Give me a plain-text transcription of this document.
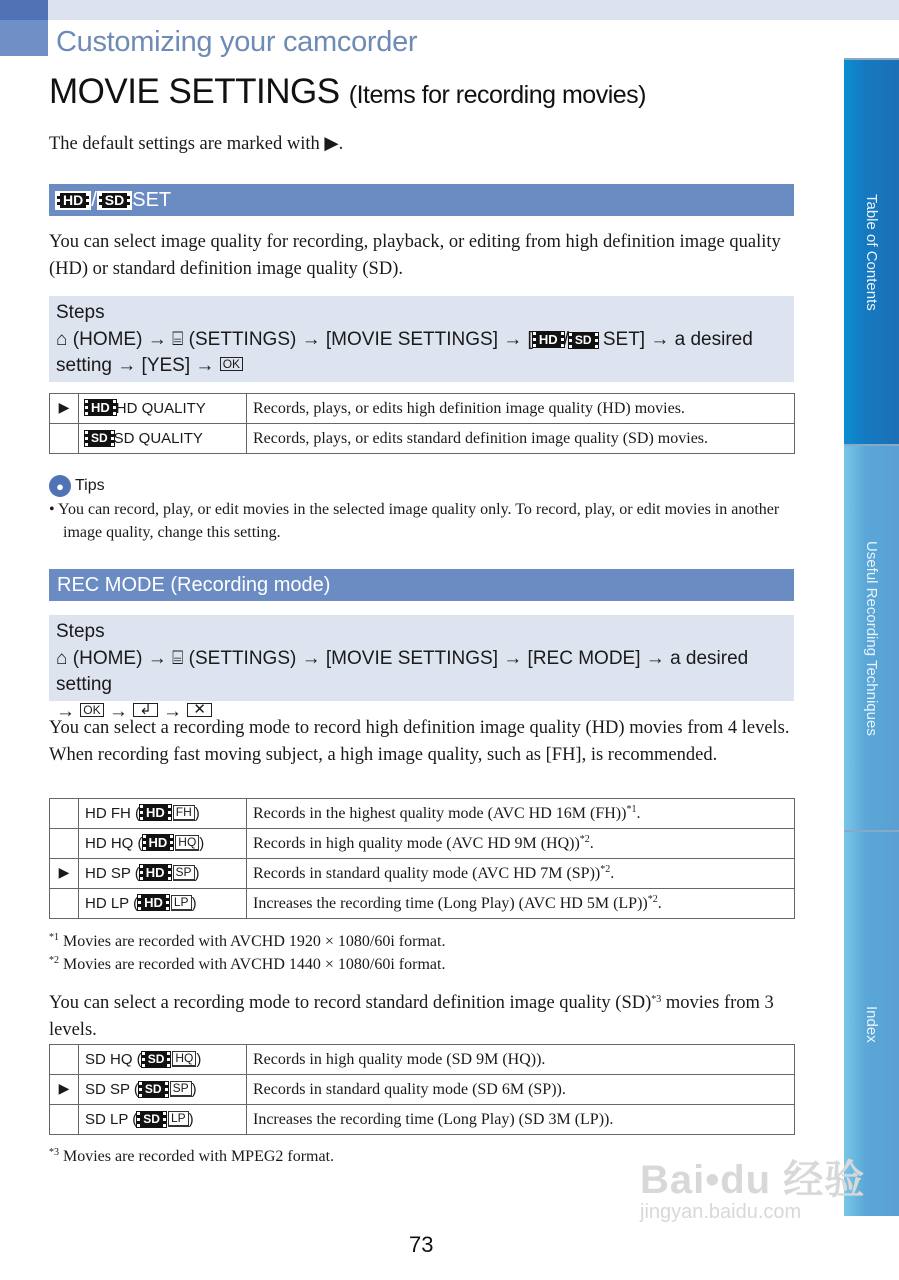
Customizing your camcorder
MOVIE SETTINGS (Items for recording movies)
The default settings are marked with ▶.
HD / SD SET
You can select image quality for recording, playback, or editing from high definition image quality (HD) or standard definition image quality (SD).
Steps
⌂ (HOME) → ⌸ (SETTINGS) → [MOVIE SETTINGS] → [ HD / SD SET] → a desired
setting → [YES] → OK
▶	HD HD QUALITY	Records, plays, or edits high definition image quality (HD) movies.
	SD SD QUALITY	Records, plays, or edits standard definition image quality (SD) movies.
● Tips
• You can record, play, or edit movies in the selected image quality only. To record, play, or edit movies in another image quality, change this setting.
REC MODE (Recording mode)
Steps
⌂ (HOME) → ⌸ (SETTINGS) → [MOVIE SETTINGS] → [REC MODE] → a desired setting
→ OK → ↲ → ✕
You can select a recording mode to record high definition image quality (HD) movies from 4 levels. When recording fast moving subject, a high image quality, such as [FH], is recommended.
	HD FH ( HD FH )	Records in the highest quality mode (AVC HD 16M (FH))$^{*1}$.
	HD HQ ( HD HQ )	Records in high quality mode (AVC HD 9M (HQ))$^{*2}$.
▶	HD SP ( HD SP )	Records in standard quality mode (AVC HD 7M (SP))$^{*2}$.
	HD LP ( HD LP )	Increases the recording time (Long Play) (AVC HD 5M (LP))$^{*2}$.
$^{*1}$ Movies are recorded with AVCHD 1920 × 1080/60i format.
$^{*2}$ Movies are recorded with AVCHD 1440 × 1080/60i format.
You can select a recording mode to record standard definition image quality (SD)$^{*3}$ movies from 3 levels.
	SD HQ ( SD HQ )	Records in high quality mode (SD 9M (HQ)).
▶	SD SP ( SD SP )	Records in standard quality mode (SD 6M (SP)).
	SD LP ( SD LP )	Increases the recording time (Long Play) (SD 3M (LP)).
$^{*3}$ Movies are recorded with MPEG2 format.
Table of Contents
Useful Recording Techniques
Index
73
Bai•du 经验
jingyan.baidu.com
